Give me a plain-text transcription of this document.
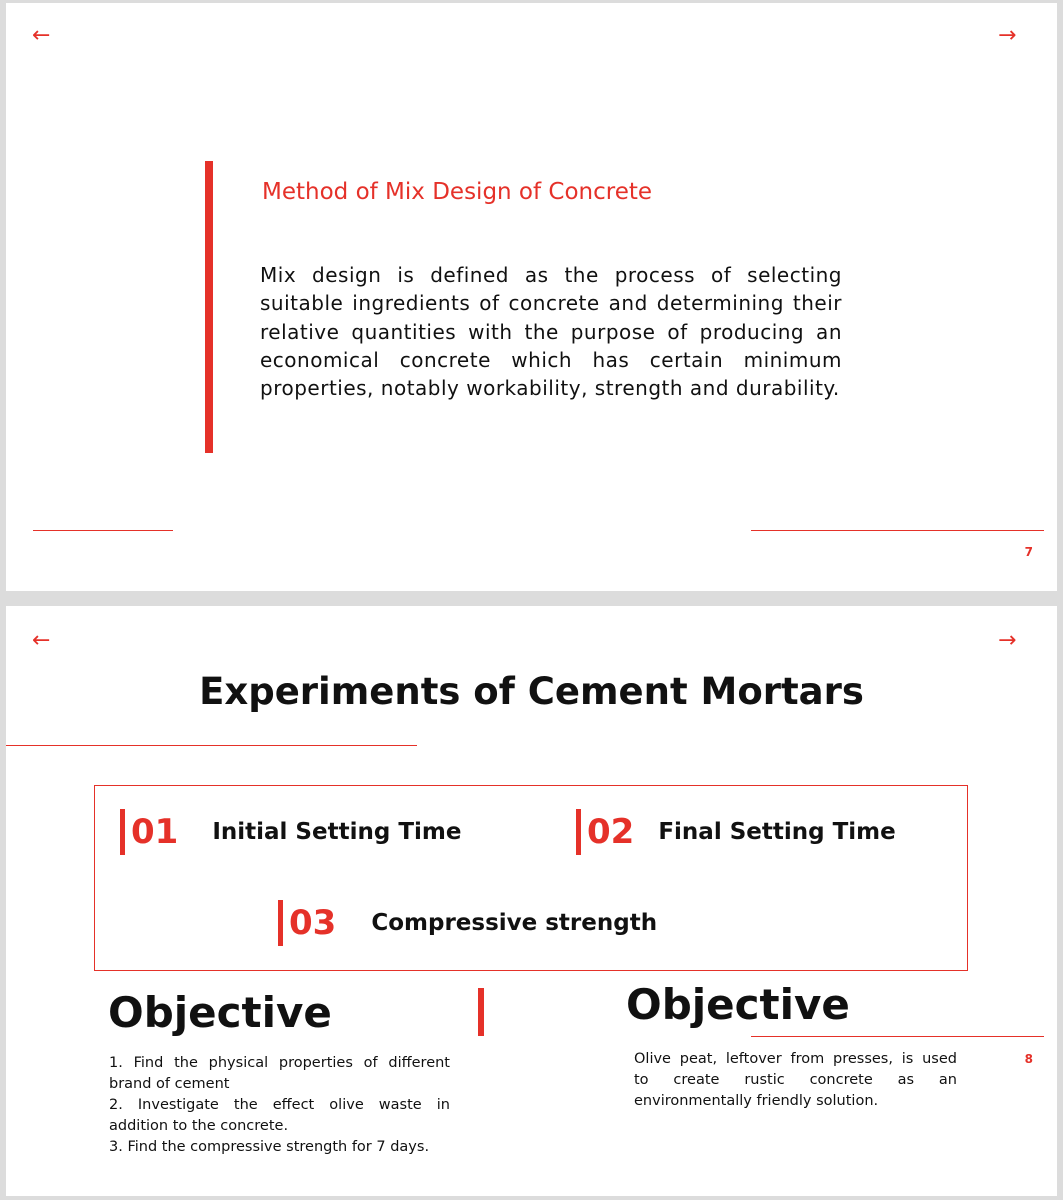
←	→
Method of Mix Design of Concrete
Mix design is defined as the process of selecting suitable ingredients of concrete and determining their relative quantities with the purpose of producing an economical concrete which has certain minimum properties, notably workability, strength and durability.
7
←	→
Experiments of Cement Mortars
01 Initial Setting Time	02 Final Setting Time
03 Compressive strength
Objective	Objective

1. Find the physical properties of different brand of cement

2. Investigate the effect olive waste in addition to the concrete.

3. Find the compressive strength for 7 days.

Olive peat, leftover from presses, is used
to create rustic concrete as an
environmentally friendly solution.
8
